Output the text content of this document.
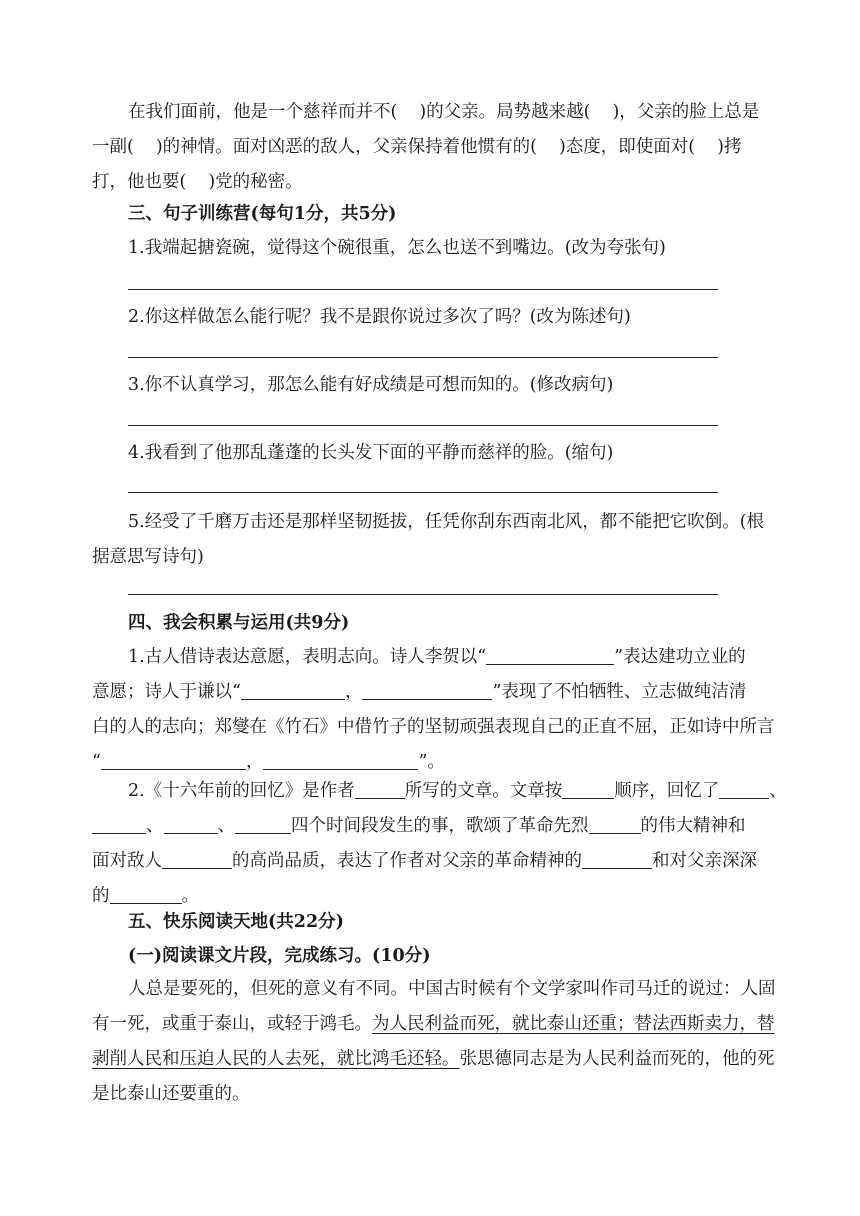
在我们面前，他是一个慈祥而并不( )的父亲。局势越来越( )，父亲的脸上总是
一副( )的神情。面对凶恶的敌人，父亲保持着他惯有的( )态度，即使面对( )拷
打，他也要( )党的秘密。
三、句子训练营(每句1分，共5分)
1.我端起搪瓷碗，觉得这个碗很重，怎么也送不到嘴边。(改为夸张句)
2.你这样做怎么能行呢？我不是跟你说过多次了吗？(改为陈述句)
3.你不认真学习，那怎么能有好成绩是可想而知的。(修改病句)
4.我看到了他那乱蓬蓬的长头发下面的平静而慈祥的脸。(缩句)
5.经受了千磨万击还是那样坚韧挺拔，任凭你刮东西南北风，都不能把它吹倒。(根
据意思写诗句)
四、我会积累与运用(共9分)
1.古人借诗表达意愿，表明志向。诗人李贺以“	”表达建功立业的
意愿；诗人于谦以“	，	”表现了不怕牺牲、立志做纯洁清
白的人的志向；郑燮在《竹石》中借竹子的坚韧顽强表现自己的正直不屈，正如诗中所言
“	，	”。
2.《十六年前的回忆》是作者	所写的文章。文章按	顺序，回忆了	、
、	、	四个时间段发生的事，歌颂了革命先烈	的伟大精神和
面对敌人	的高尚品质，表达了作者对父亲的革命精神的	和对父亲深深
的	。
五、快乐阅读天地(共22分)
(一)阅读课文片段，完成练习。(10分)
人总是要死的，但死的意义有不同。中国古时候有个文学家叫作司马迁的说过：人固
有一死，或重于泰山，或轻于鸿毛。为人民利益而死，就比泰山还重；替法西斯卖力，替
剥削人民和压迫人民的人去死，就比鸿毛还轻。张思德同志是为人民利益而死的，他的死
是比泰山还要重的。
